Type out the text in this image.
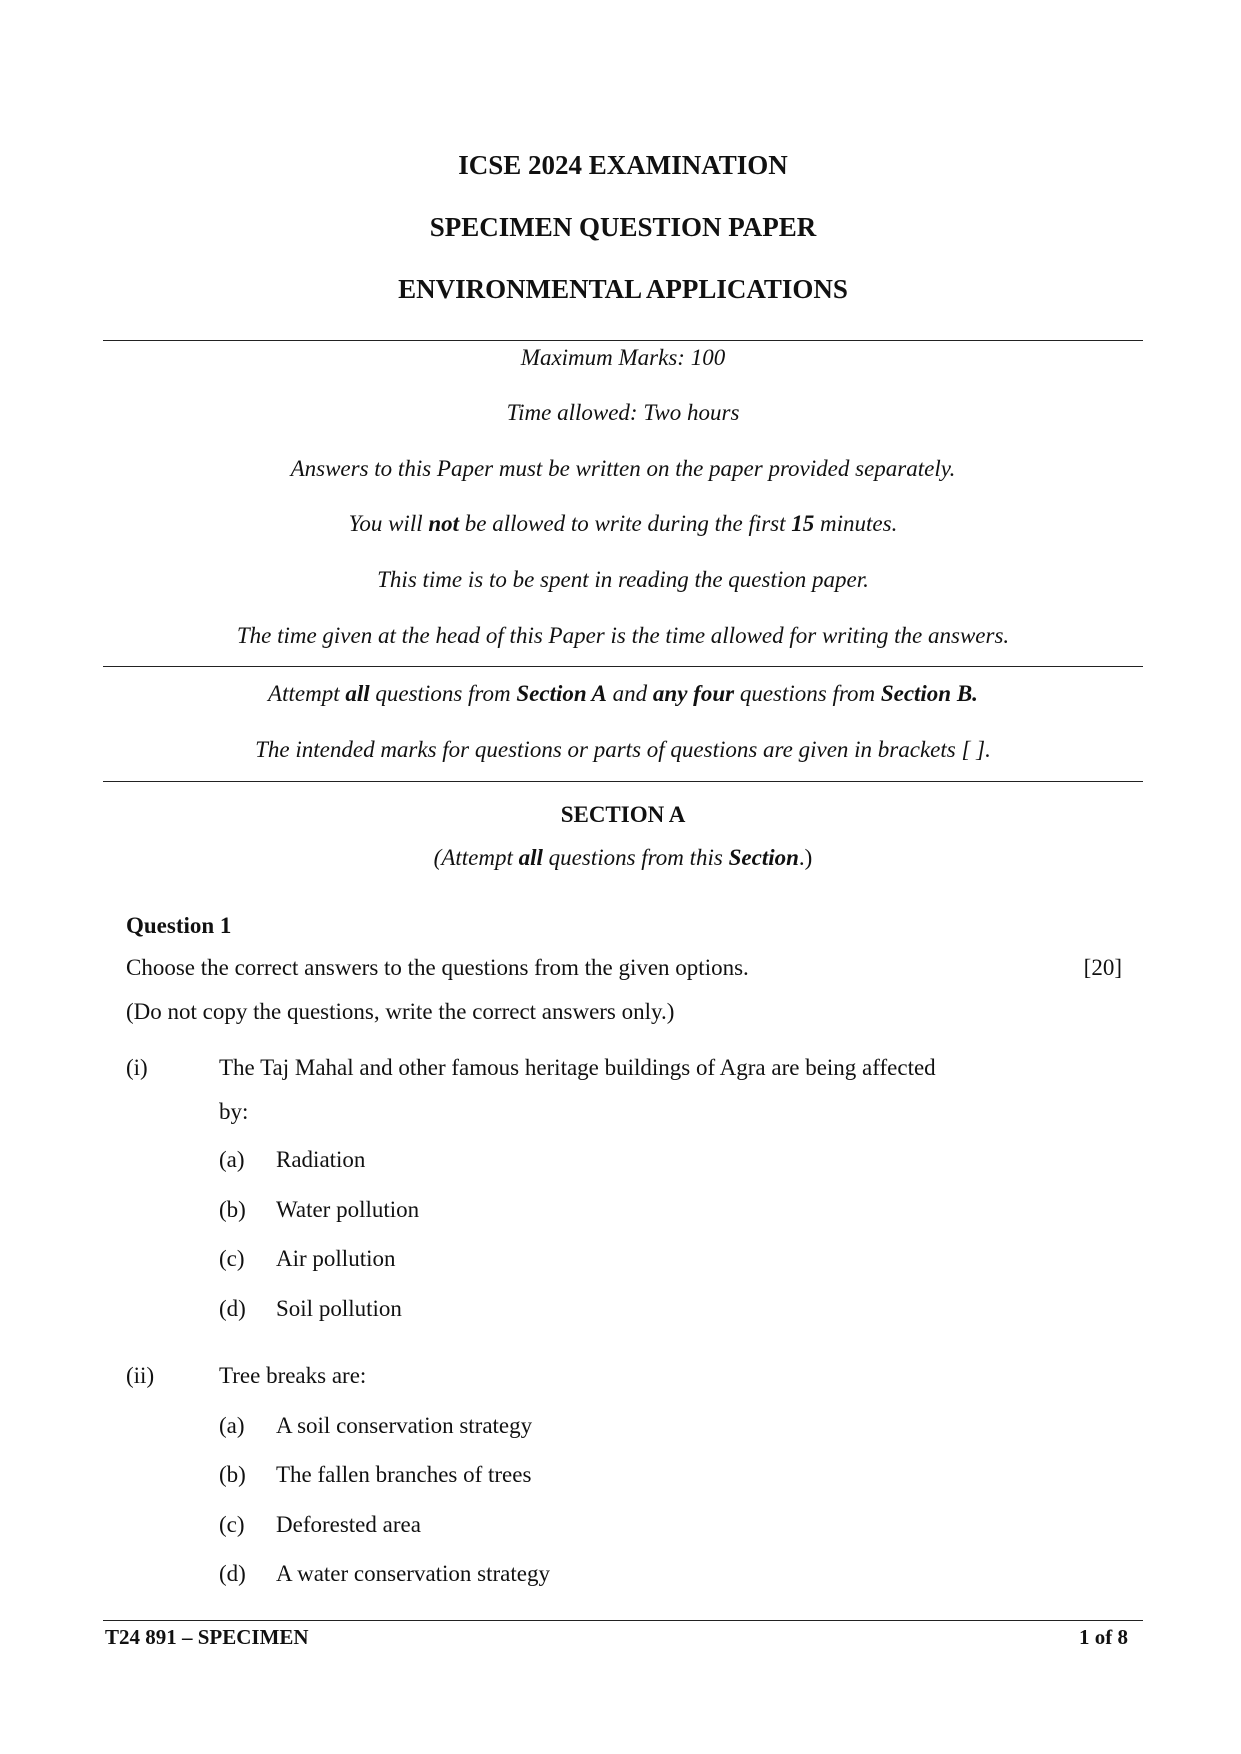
ICSE 2024 EXAMINATION
SPECIMEN QUESTION PAPER
ENVIRONMENTAL APPLICATIONS
Maximum Marks: 100
Time allowed: Two hours
Answers to this Paper must be written on the paper provided separately.
You will not be allowed to write during the first 15 minutes.
This time is to be spent in reading the question paper.
The time given at the head of this Paper is the time allowed for writing the answers.
Attempt all questions from Section A and any four questions from Section B.
The intended marks for questions or parts of questions are given in brackets [ ].
SECTION A
(Attempt all questions from this Section.)
Question 1
Choose the correct answers to the questions from the given options.	[20]
(Do not copy the questions, write the correct answers only.)
(i)	The Taj Mahal and other famous heritage buildings of Agra are being affected
by:
(a) Radiation
(b) Water pollution
(c) Air pollution
(d) Soil pollution
(ii)	Tree breaks are:
(a) A soil conservation strategy
(b) The fallen branches of trees
(c) Deforested area
(d) A water conservation strategy
T24 891 – SPECIMEN	1 of 8
